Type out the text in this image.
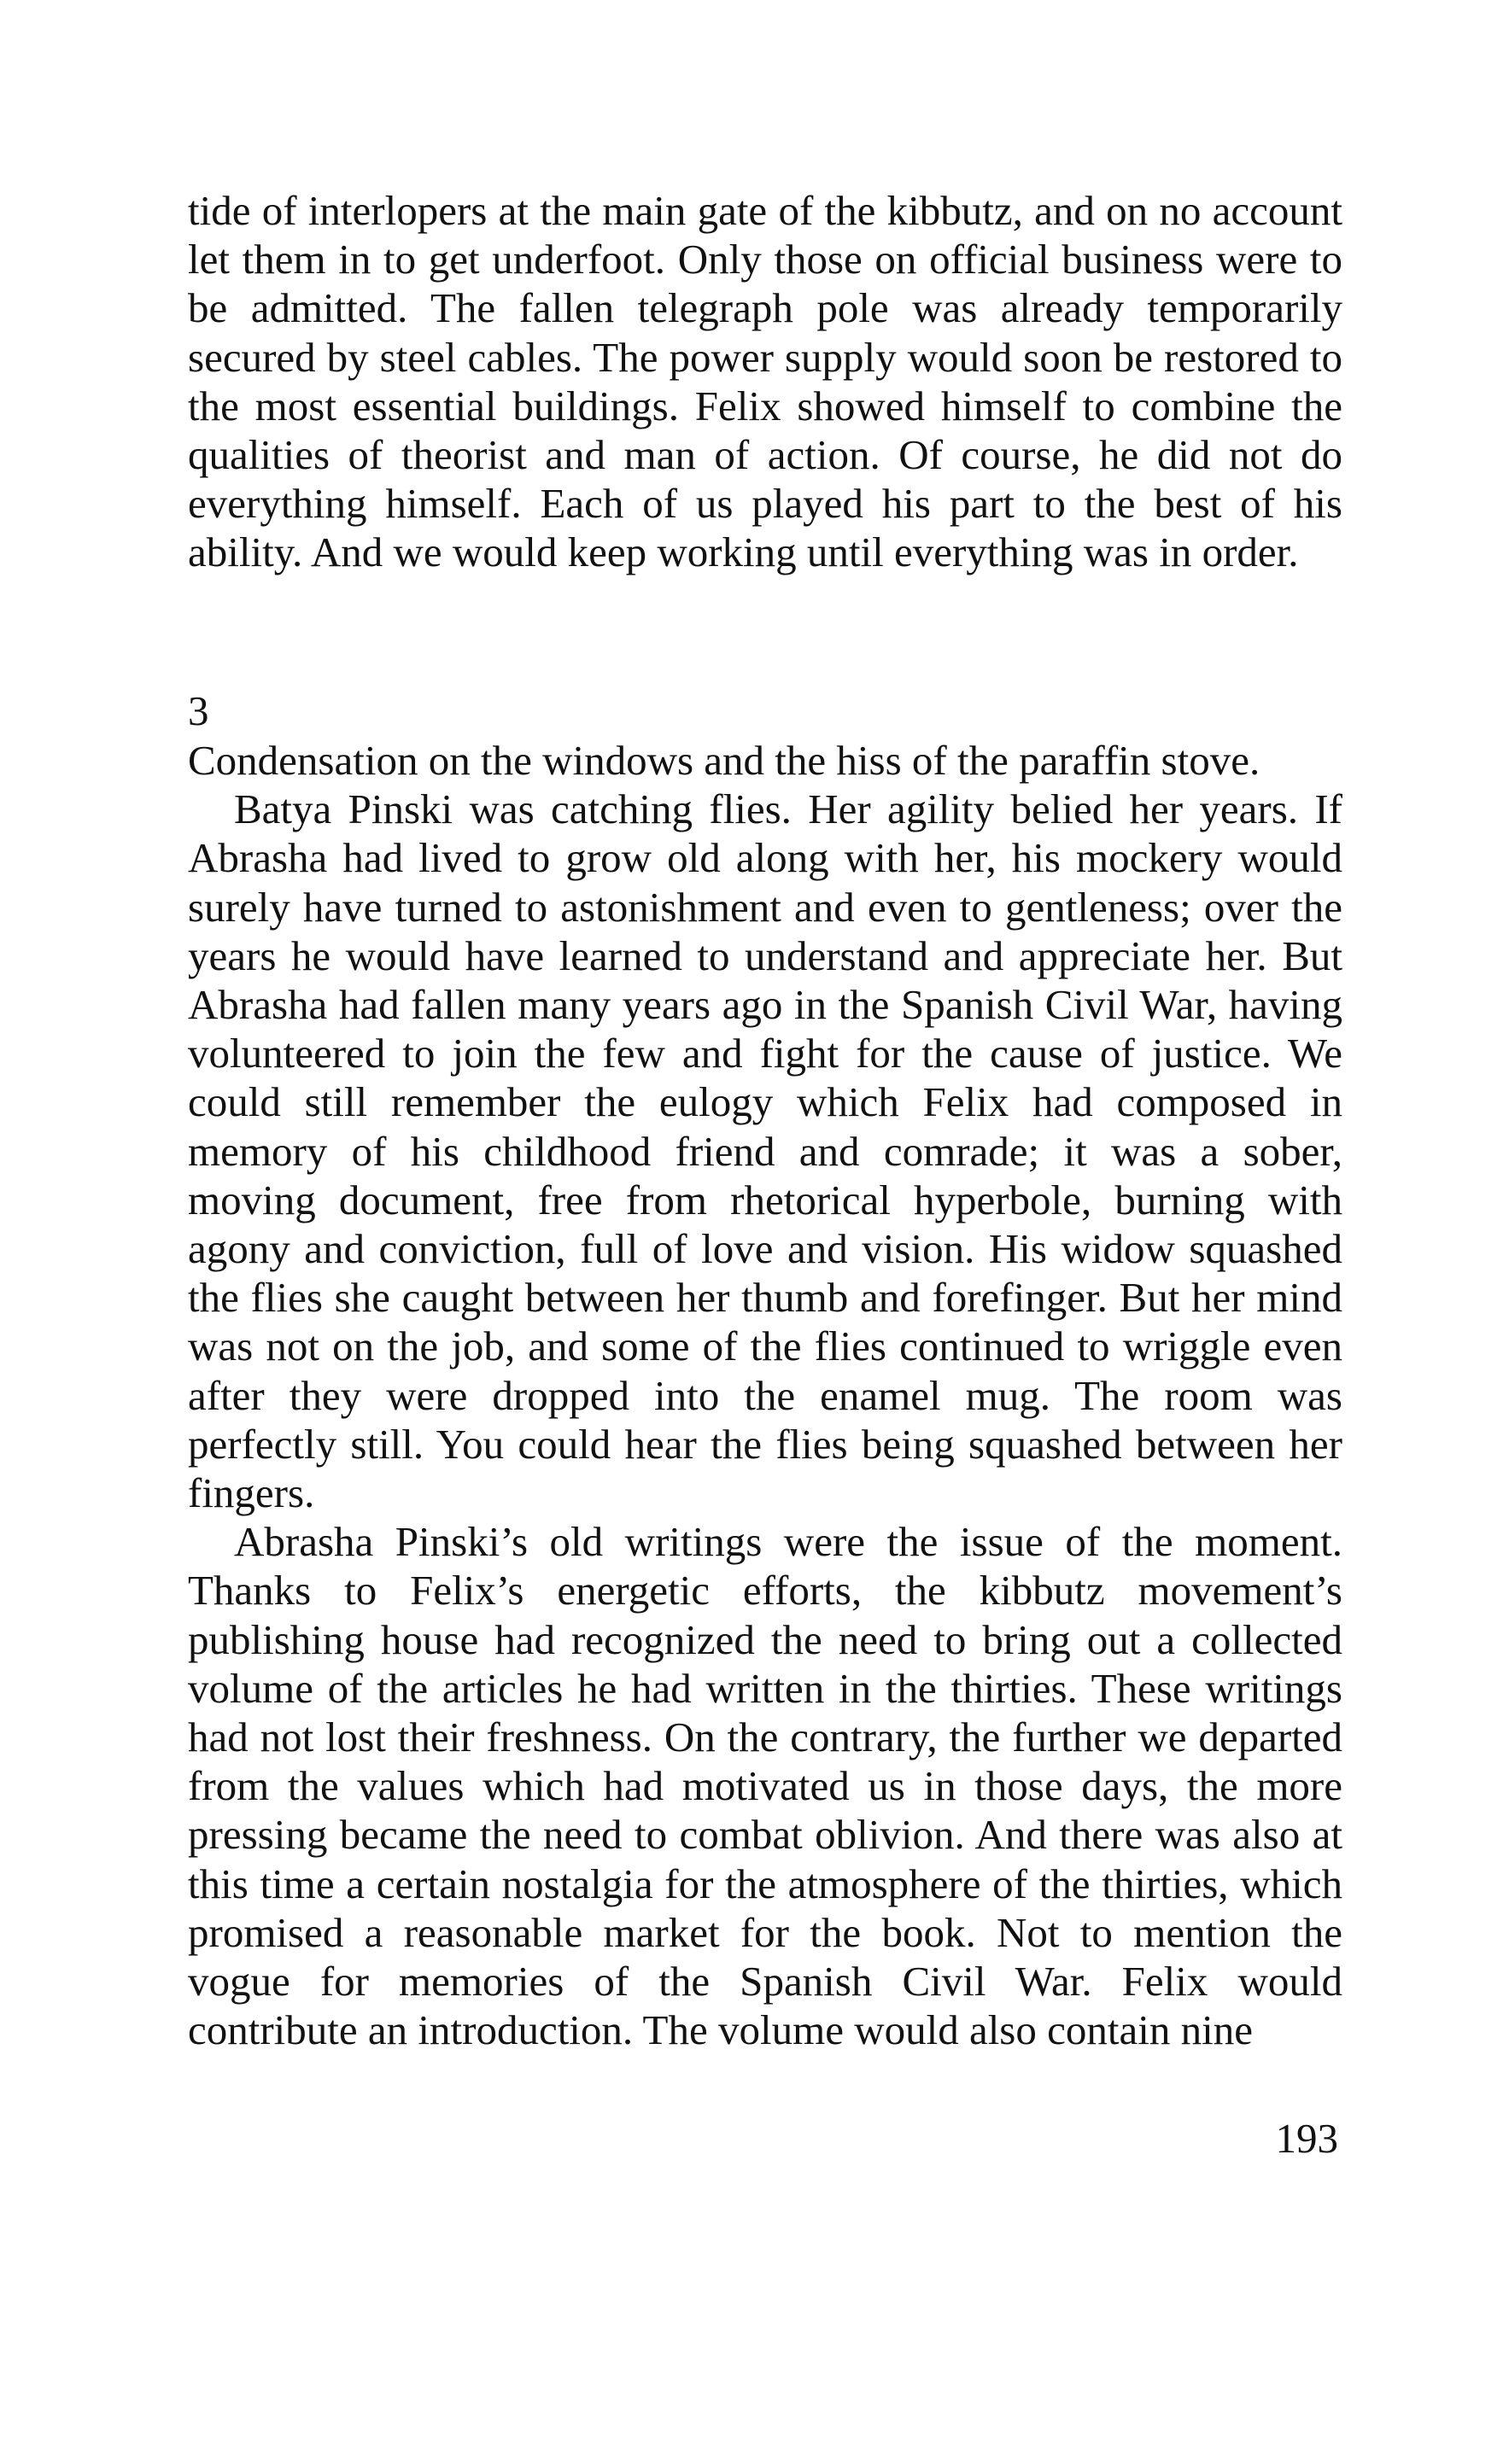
tide of interlopers at the main gate of the kibbutz, and on no account let them in to get underfoot. Only those on official business were to be admitted. The fallen telegraph pole was already temporarily secured by steel cables. The power supply would soon be restored to the most essential buildings. Felix showed himself to combine the qualities of theorist and man of action. Of course, he did not do everything himself. Each of us played his part to the best of his ability. And we would keep working until everything was in order.

3

Condensation on the windows and the hiss of the paraffin stove.

Batya Pinski was catching flies. Her agility belied her years. If Abrasha had lived to grow old along with her, his mockery would surely have turned to astonishment and even to gentleness; over the years he would have learned to understand and appreciate her. But Abrasha had fallen many years ago in the Spanish Civil War, having volunteered to join the few and fight for the cause of justice. We could still remember the eulogy which Felix had composed in memory of his childhood friend and comrade; it was a sober, moving document, free from rhetorical hyperbole, burning with agony and conviction, full of love and vision. His widow squashed the flies she caught between her thumb and forefinger. But her mind was not on the job, and some of the flies continued to wriggle even after they were dropped into the enamel mug. The room was perfectly still. You could hear the flies being squashed between her fingers.

Abrasha Pinski’s old writings were the issue of the moment. Thanks to Felix’s energetic efforts, the kibbutz movement’s publishing house had recognized the need to bring out a collected volume of the articles he had written in the thirties. These writings had not lost their freshness. On the contrary, the further we departed from the values which had motivated us in those days, the more pressing became the need to combat oblivion. And there was also at this time a certain nostalgia for the atmosphere of the thirties, which promised a reasonable market for the book. Not to mention the vogue for memories of the Spanish Civil War. Felix would contribute an introduction. The volume would also contain nine

193
